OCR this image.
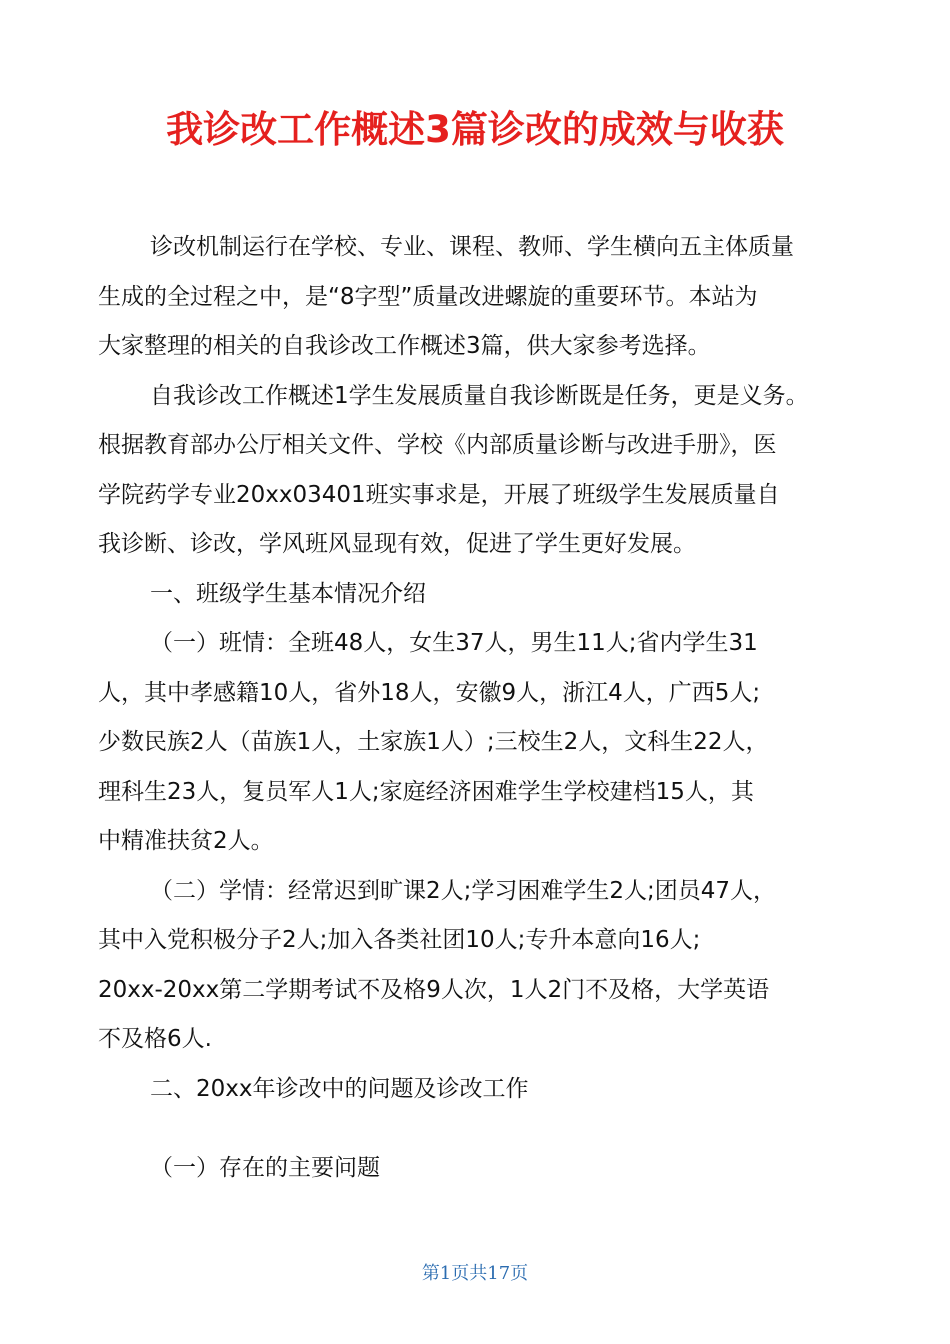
我诊改工作概述3篇诊改的成效与收获

诊改机制运行在学校、专业、课程、教师、学生横向五主体质量

生成的全过程之中，是“8字型”质量改进螺旋的重要环节。本站为

大家整理的相关的自我诊改工作概述3篇，供大家参考选择。

自我诊改工作概述1学生发展质量自我诊断既是任务，更是义务。

根据教育部办公厅相关文件、学校《内部质量诊断与改进手册》，医

学院药学专业20xx03401班实事求是，开展了班级学生发展质量自

我诊断、诊改，学风班风显现有效，促进了学生更好发展。

一、班级学生基本情况介绍

（一）班情：全班48人，女生37人，男生11人;省内学生31

人，其中孝感籍10人，省外18人，安徽9人，浙江4人，广西5人;

少数民族2人（苗族1人，土家族1人）;三校生2人，文科生22人，

理科生23人，复员军人1人;家庭经济困难学生学校建档15人，其

中精准扶贫2人。

（二）学情：经常迟到旷课2人;学习困难学生2人;团员47人，

其中入党积极分子2人;加入各类社团10人;专升本意向16人;

20xx-20xx第二学期考试不及格9人次，1人2门不及格，大学英语

不及格6人.

二、20xx年诊改中的问题及诊改工作

（一）存在的主要问题

第1页共17页
